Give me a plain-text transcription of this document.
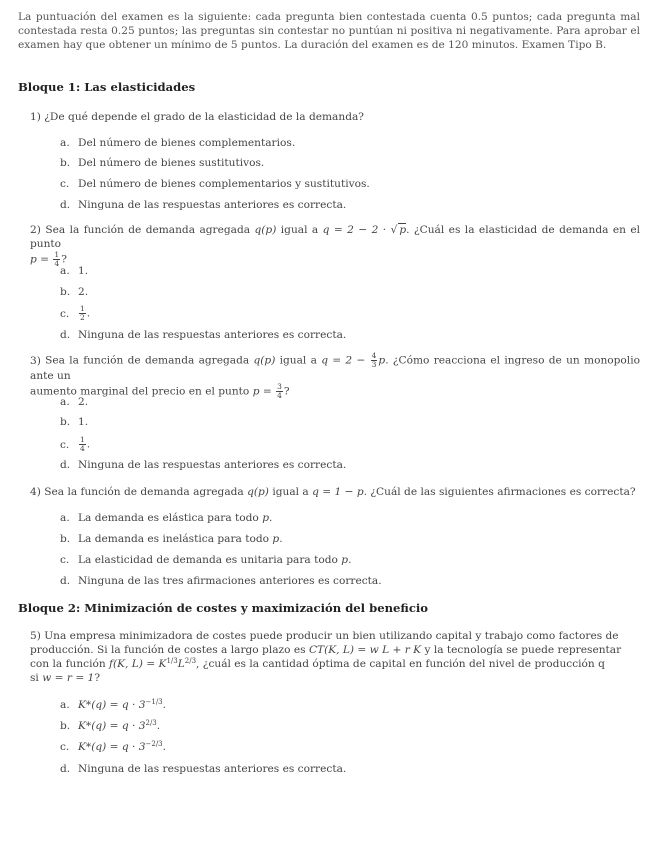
La puntuación del examen es la siguiente: cada pregunta bien contestada cuenta 0.5 puntos; cada pregunta mal contestada resta 0.25 puntos; las preguntas sin contestar no puntúan ni positiva ni negativamente. Para aprobar el examen hay que obtener un mínimo de 5 puntos. La duración del examen es de 120 minutos. Examen Tipo B.
Bloque 1: Las elasticidades
1) ¿De qué depende el grado de la elasticidad de la demanda?
a. Del número de bienes complementarios.
b. Del número de bienes sustitutivos.
c. Del número de bienes complementarios y sustitutivos.
d. Ninguna de las respuestas anteriores es correcta.
2) Sea la función de demanda agregada q(p) igual a q = 2 − 2 · √ p. ¿Cuál es la elasticidad de demanda en el punto
$p = \frac{1}{4}$ ?
a. 1.
b. 2.
c. $\frac{1}{2}$ .
d. Ninguna de las respuestas anteriores es correcta.
3) Sea la función de demanda agregada q(p) igual a $q = 2 - \frac{4}{3} p$. ¿Cómo reacciona el ingreso de un monopolio ante un
aumento marginal del precio en el punto $p = \frac{3}{4}$ ?
a. 2.
b. 1.
c. $\frac{1}{4}$ .
d. Ninguna de las respuestas anteriores es correcta.
4) Sea la función de demanda agregada q(p) igual a q = 1 − p. ¿Cuál de las siguientes afirmaciones es correcta?
a. La demanda es elástica para todo p.
b. La demanda es inelástica para todo p.
c. La elasticidad de demanda es unitaria para todo p.
d. Ninguna de las tres afirmaciones anteriores es correcta.
Bloque 2: Minimización de costes y maximización del beneficio
5) Una empresa minimizadora de costes puede producir un bien utilizando capital y trabajo como factores de
producción. Si la función de costes a largo plazo es CT(K, L) = w L + r K y la tecnología se puede representar
con la función f(K, $L) = K^{1/3}L^{2/3}$, ¿cuál es la cantidad óptima de capital en función del nivel de producción q
si w = r = 1?
a. $K*(q) = q \cdot 3^{-1/3}$.
b. $K*(q) = q \cdot 3^{2/3}$.
c. $K*(q) = q \cdot 3^{-2/3}$.
d. Ninguna de las respuestas anteriores es correcta.
